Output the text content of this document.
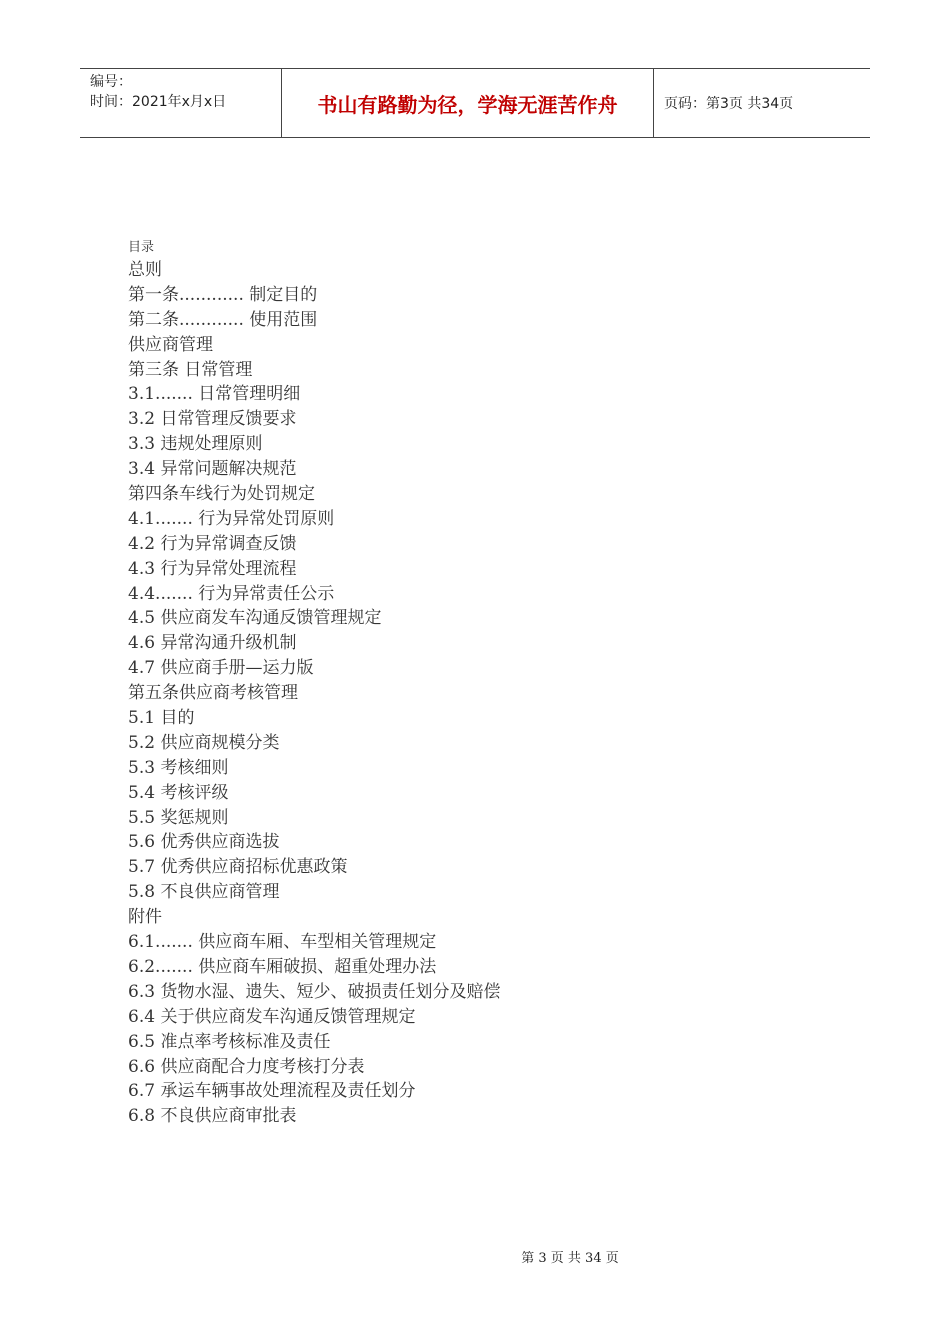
编号：
时间：2021年x月x日	书山有路勤为径，学海无涯苦作舟	页码：第3页 共34页
目录
总则
第一条............ 制定目的
第二条............ 使用范围
供应商管理
第三条 日常管理
3.1....... 日常管理明细
3.2 日常管理反馈要求
3.3 违规处理原则
3.4 异常问题解决规范
第四条车线行为处罚规定
4.1....... 行为异常处罚原则
4.2 行为异常调查反馈
4.3 行为异常处理流程
4.4....... 行为异常责任公示
4.5 供应商发车沟通反馈管理规定
4.6 异常沟通升级机制
4.7 供应商手册—运力版
第五条供应商考核管理
5.1 目的
5.2 供应商规模分类
5.3 考核细则
5.4 考核评级
5.5 奖惩规则
5.6 优秀供应商选拔
5.7 优秀供应商招标优惠政策
5.8 不良供应商管理
附件
6.1....... 供应商车厢、车型相关管理规定
6.2....... 供应商车厢破损、超重处理办法
6.3 货物水湿、遗失、短少、破损责任划分及赔偿
6.4 关于供应商发车沟通反馈管理规定
6.5 准点率考核标准及责任
6.6 供应商配合力度考核打分表
6.7 承运车辆事故处理流程及责任划分
6.8 不良供应商审批表
第 3 页 共 34 页
